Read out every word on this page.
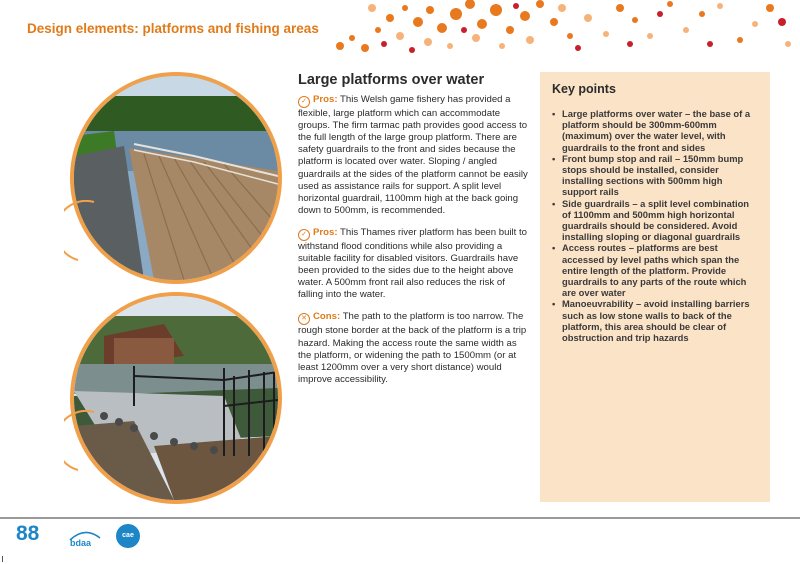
Design elements: platforms and fishing areas
Large platforms over water

✓ Pros: This Welsh game fishery has provided a flexible, large platform which can accommodate groups. The firm tarmac path provides good access to the full length of the large group platform. There are safety guardrails to the front and sides because the platform is located over water. Sloping / angled guardrails at the sides of the platform cannot be easily used as assistance rails for support. A split level horizontal guardrail, 1100mm high at the back going down to 500mm, is recommended.

✓ Pros: This Thames river platform has been built to withstand flood conditions while also providing a suitable facility for disabled visitors. Guardrails have been provided to the sides due to the height above water. A 500mm front rail also reduces the risk of falling into the water.

✕ Cons: The path to the platform is too narrow. The rough stone border at the back of the platform is a trip hazard. Making the access route the same width as the platform, or widening the path to 1500mm (or at least 1200mm over a very short distance) would improve accessibility.

Key points
• Large platforms over water – the base of a platform should be 300mm-600mm (maximum) over the water level, with guardrails to the front and sides
• Front bump stop and rail – 150mm bump stops should be installed, consider installing sections with 500mm high support rails
• Side guardrails – a split level combination of 1100mm and 500mm high horizontal guardrails should be considered. Avoid installing sloping or diagonal guardrails
• Access routes – platforms are best accessed by level paths which span the entire length of the platform. Provide guardrails to any parts of the route which are over water
• Manoeuvrability – avoid installing barriers such as low stone walls to back of the platform, this area should be clear of obstruction and trip hazards
88	bdaa
cae
